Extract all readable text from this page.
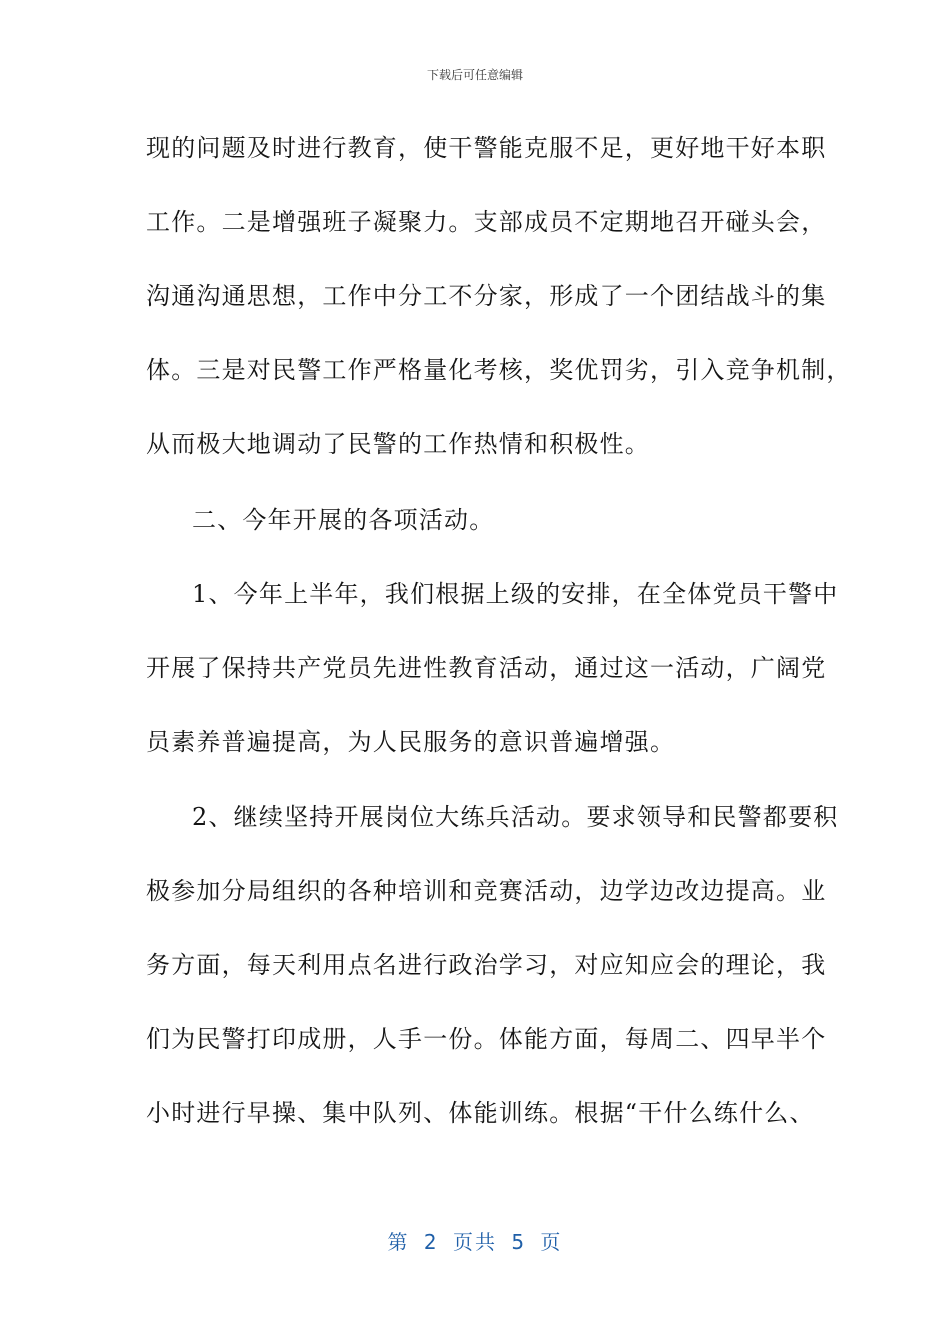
下载后可任意编辑
现的问题及时进行教育，使干警能克服不足，更好地干好本职
工作。二是增强班子凝聚力。支部成员不定期地召开碰头会，
沟通沟通思想，工作中分工不分家，形成了一个团结战斗的集
体。三是对民警工作严格量化考核，奖优罚劣，引入竞争机制，
从而极大地调动了民警的工作热情和积极性。
二、今年开展的各项活动。
1、今年上半年，我们根据上级的安排，在全体党员干警中
开展了保持共产党员先进性教育活动，通过这一活动，广阔党
员素养普遍提高，为人民服务的意识普遍增强。
2、继续坚持开展岗位大练兵活动。要求领导和民警都要积
极参加分局组织的各种培训和竞赛活动，边学边改边提高。业
务方面，每天利用点名进行政治学习，对应知应会的理论，我
们为民警打印成册，人手一份。体能方面，每周二、四早半个
小时进行早操、集中队列、体能训练。根据“干什么练什么、
第 2 页共 5 页
